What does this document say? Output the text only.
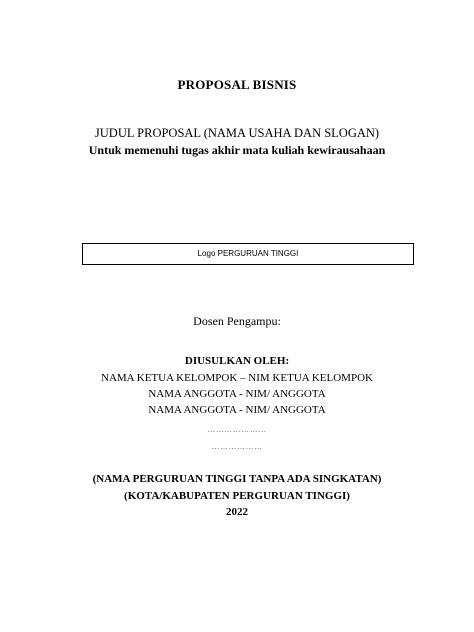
PROPOSAL BISNIS
JUDUL PROPOSAL (NAMA USAHA DAN SLOGAN)
Untuk memenuhi tugas akhir mata kuliah kewirausahaan
Logo PERGURUAN TINGGI
Dosen Pengampu:
DIUSULKAN OLEH:
NAMA KETUA KELOMPOK – NIM KETUA KELOMPOK
NAMA ANGGOTA - NIM/ ANGGOTA
NAMA ANGGOTA - NIM/ ANGGOTA
…………………
………………
(NAMA PERGURUAN TINGGI TANPA ADA SINGKATAN)
(KOTA/KABUPATEN PERGURUAN TINGGI)
2022
